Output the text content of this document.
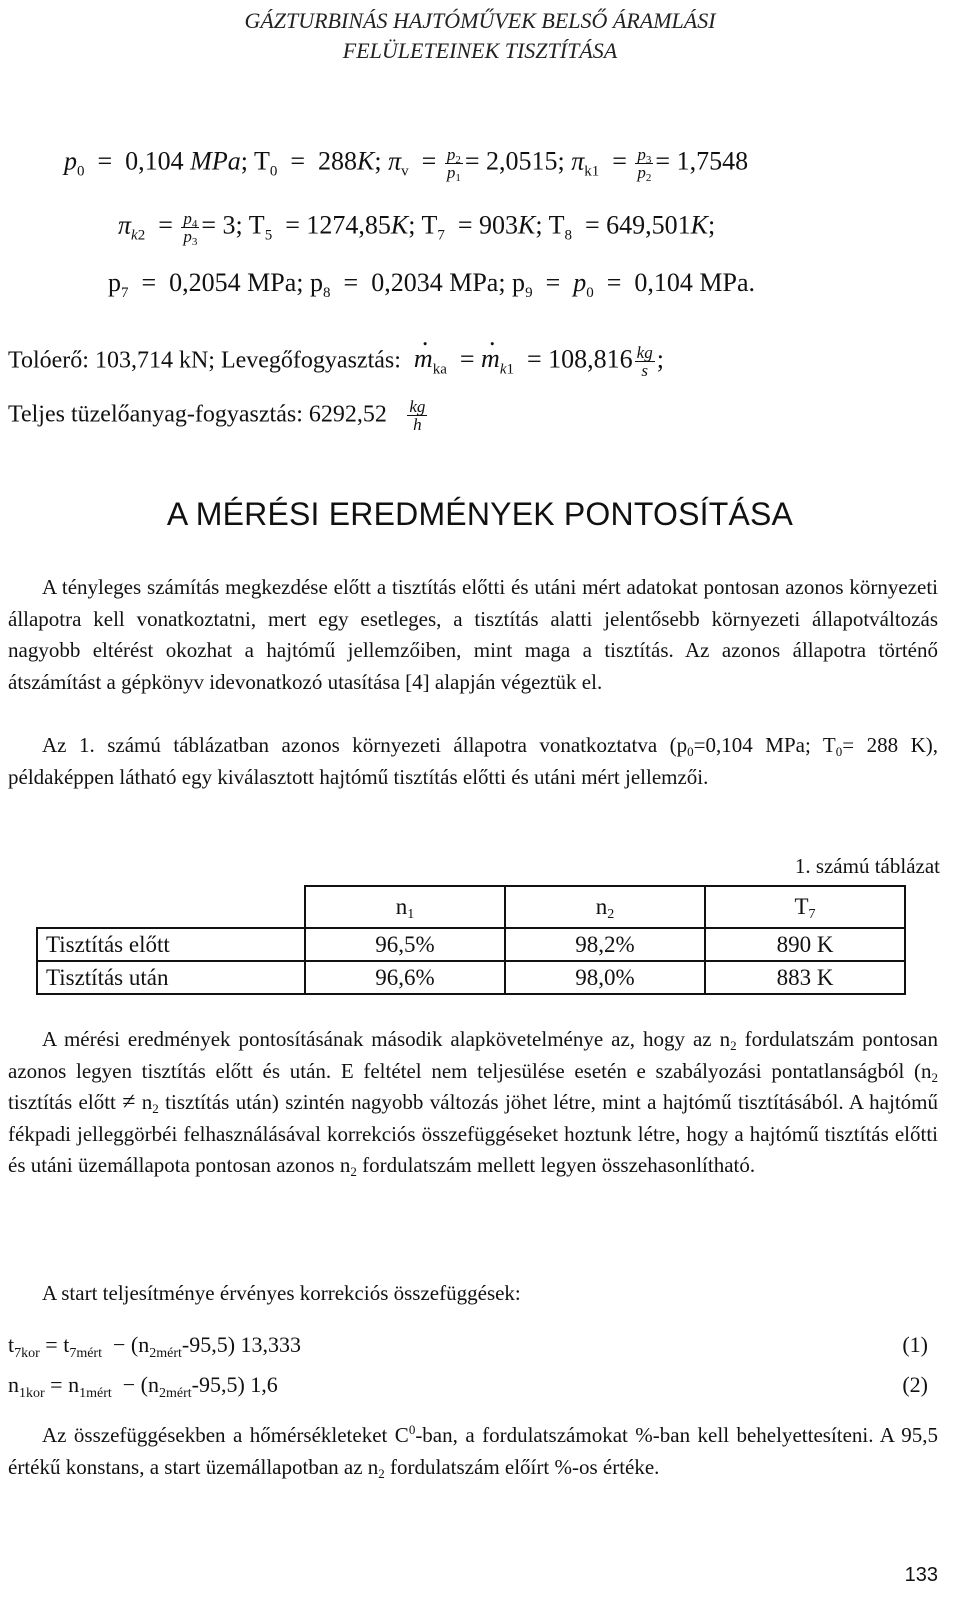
GÁZTURBINÁS HAJTÓMŰVEK BELSŐ ÁRAMLÁSI
FELÜLETEINEK TISZTÍTÁSA
$p_0 = 0,104$ MPa; $T_0 = 288K$; $\pi_v = \frac{p_2}{p_1} = 2,0515$; $\pi_{k1} = \frac{p_3}{p_2} = 1,7548$
$\pi_{k2} = \frac{p_4}{p_3} = 3$; $T_5 = 1274,85K$; $T_7 = 903K$; $T_8 = 649,501K$;
$p_7 = 0,2054$ MPa; $p_8 = 0,2034$ MPa; $p_9 = p_0 = 0,104$ MPa.
Tolóerő: 103,714 kN; Levegőfogyasztás: m
.
$_{ka}$  = m
.
$_{k1} = 108,816 \frac{kg}{s}$ ;
Teljes tüzelőanyag-fogyasztás: $6292,52 \frac{kg}{h}$
A MÉRÉSI EREDMÉNYEK PONTOSÍTÁSA
A tényleges számítás megkezdése előtt a tisztítás előtti és utáni mért adatokat pontosan azonos környezeti állapotra kell vonatkoztatni, mert egy esetleges, a tisztítás alatti jelentősebb környezeti állapotváltozás nagyobb eltérést okozhat a hajtómű jellemzőiben, mint maga a tisztítás. Az azonos állapotra történő átszámítást a gépkönyv idevonatkozó utasítása [4] alapján végeztük el.
Az 1. számú táblázatban azonos környezeti állapotra vonatkoztatva ($p_0=0,104$ MPa; $T_0= 288$ K), példaképpen látható egy kiválasztott hajtómű tisztítás előtti és utáni mért jellemzői.
1. számú táblázat
	$n_1$	$n_2$	$T_7$
Tisztítás előtt	96,5%	98,2%	890 K
Tisztítás után	96,6%	98,0%	883 K
A mérési eredmények pontosításának második alapkövetelménye az, hogy az $n_2$ fordulatszám pontosan azonos legyen tisztítás előtt és után. E feltétel nem teljesülése esetén e szabályozási pontatlanságból ($n_2$ tisztítás előtt ≠ $n_2$ tisztítás után) szintén nagyobb változás jöhet létre, mint a hajtómű tisztításából. A hajtómű fékpadi jelleggörbéi felhasználásával korrekciós összefüggéseket hoztunk létre, hogy a hajtómű tisztítás előtti és utáni üzemállapota pontosan azonos $n_2$ fordulatszám mellett legyen összehasonlítható.
A start teljesítménye érvényes korrekciós összefüggések:
$t_{7kor} = t_{7mért} - (n_{2mért}-95,5)$ 13,333	(1)
$n_{1kor} = n_{1mért} - (n_{2mért}-95,5)$ 1,6	(2)
Az összefüggésekben a hőmérsékleteket $C^0$-ban, a fordulatszámokat %-ban kell behelyettesíteni. A 95,5 értékű konstans, a start üzemállapotban az $n_2$ fordulatszám előírt %-os értéke.
133
